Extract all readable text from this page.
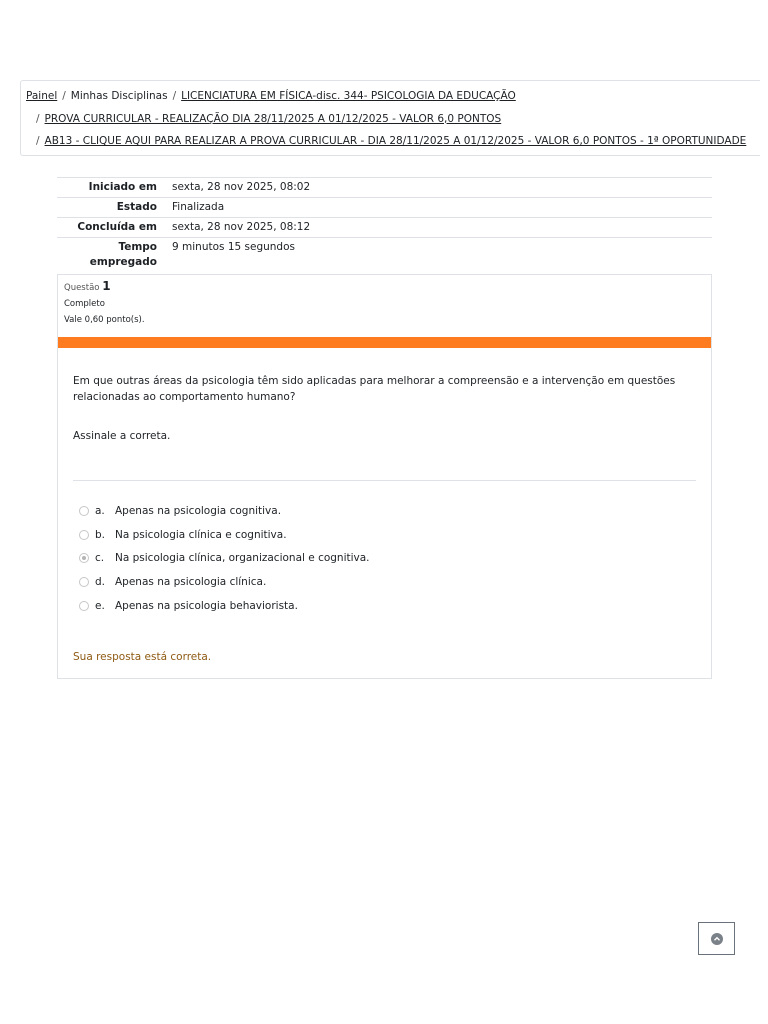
Painel / Minhas Disciplinas / LICENCIATURA EM FÍSICA-disc. 344- PSICOLOGIA DA EDUCAÇÃO
/ PROVA CURRICULAR - REALIZAÇÃO DIA 28/11/2025 A 01/12/2025 - VALOR 6,0 PONTOS
/ AB13 - CLIQUE AQUI PARA REALIZAR A PROVA CURRICULAR - DIA 28/11/2025 A 01/12/2025 - VALOR 6,0 PONTOS - 1ª OPORTUNIDADE
Iniciado em	sexta, 28 nov 2025, 08:02
Estado	Finalizada
Concluída em	sexta, 28 nov 2025, 08:12
Tempo empregado	9 minutos 15 segundos
Questão 1
Completo
Vale 0,60 ponto(s).
Em que outras áreas da psicologia têm sido aplicadas para melhorar a compreensão e a intervenção em questões relacionadas ao comportamento humano?
Assinale a correta.
a. Apenas na psicologia cognitiva.
b. Na psicologia clínica e cognitiva.
c.	Na psicologia clínica, organizacional e cognitiva.
d. Apenas na psicologia clínica.
e. Apenas na psicologia behaviorista.
Sua resposta está correta.
